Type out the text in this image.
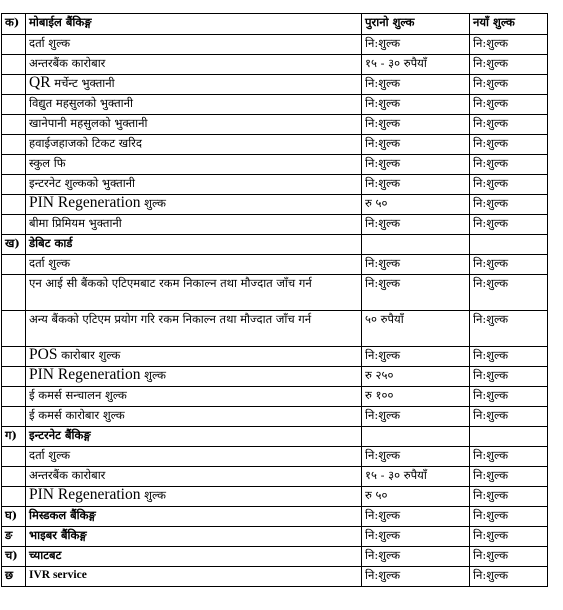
क)	मोबाईल बैंकिङ्ग	पुरानो शुल्क	नयाँ शुल्क
	दर्ता शुल्क	नि:शुल्क	नि:शुल्क
	अन्तरबैंक कारोबार	१५ - ३० रुपैयाँ	नि:शुल्क
	QR मर्चेन्ट भुक्तानी	नि:शुल्क	नि:शुल्क
	विद्युत महसुलको भुक्तानी	नि:शुल्क	नि:शुल्क
	खानेपानी महसुलको भुक्तानी	नि:शुल्क	नि:शुल्क
	हवाईजहाजको टिकट खरिद	नि:शुल्क	नि:शुल्क
	स्कुल फि	नि:शुल्क	नि:शुल्क
	इन्टरनेट शुल्कको भुक्तानी	नि:शुल्क	नि:शुल्क
	PIN Regeneration शुल्क	रु ५०	नि:शुल्क
	बीमा प्रिमियम भुक्तानी	नि:शुल्क	नि:शुल्क
ख)	डेबिट कार्ड		
	दर्ता शुल्क	नि:शुल्क	नि:शुल्क
	एन आई सी बैंकको एटिएमबाट रकम निकाल्न तथा मौज्दात जाँच गर्न	नि:शुल्क	नि:शुल्क
	अन्य बैंकको एटिएम प्रयोग गरि रकम निकाल्न तथा मौज्दात जाँच गर्न	५० रुपैयाँ	नि:शुल्क
	POS कारोबार शुल्क	नि:शुल्क	नि:शुल्क
	PIN Regeneration शुल्क	रु २५०	नि:शुल्क
	ई कमर्स सन्चालन शुल्क	रु १००	नि:शुल्क
	ई कमर्स कारोबार शुल्क	नि:शुल्क	नि:शुल्क
ग)	इन्टरनेट बैंकिङ्ग		
	दर्ता शुल्क	नि:शुल्क	नि:शुल्क
	अन्तरबैंक कारोबार	१५ - ३० रुपैयाँ	नि:शुल्क
	PIN Regeneration शुल्क	रु ५०	नि:शुल्क
घ)	मिस्डकल बैंकिङ्ग	नि:शुल्क	नि:शुल्क
ङ	भाइबर बैंकिङ्ग	नि:शुल्क	नि:शुल्क
च)	च्याटबट	नि:शुल्क	नि:शुल्क
छ	IVR service	नि:शुल्क	नि:शुल्क
